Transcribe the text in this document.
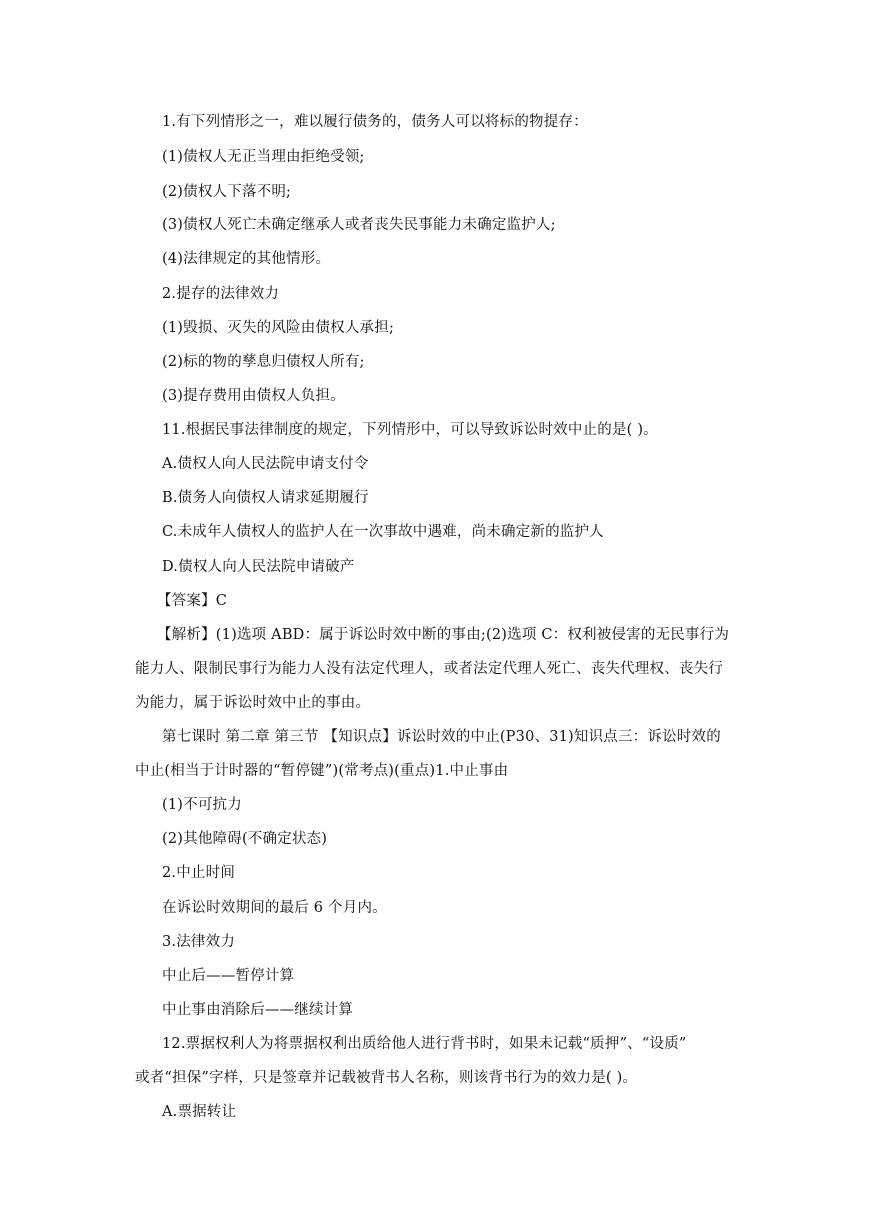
1.有下列情形之一，难以履行债务的，债务人可以将标的物提存：
(1)债权人无正当理由拒绝受领;
(2)债权人下落不明;
(3)债权人死亡未确定继承人或者丧失民事能力未确定监护人;
(4)法律规定的其他情形。
2.提存的法律效力
(1)毁损、灭失的风险由债权人承担;
(2)标的物的孳息归债权人所有;
(3)提存费用由债权人负担。
11.根据民事法律制度的规定，下列情形中，可以导致诉讼时效中止的是( )。
A.债权人向人民法院申请支付令
B.债务人向债权人请求延期履行
C.未成年人债权人的监护人在一次事故中遇难，尚未确定新的监护人
D.债权人向人民法院申请破产
【答案】C
【解析】(1)选项 ABD：属于诉讼时效中断的事由;(2)选项 C：权利被侵害的无民事行为
能力人、限制民事行为能力人没有法定代理人，或者法定代理人死亡、丧失代理权、丧失行
为能力，属于诉讼时效中止的事由。
第七课时 第二章 第三节 【知识点】诉讼时效的中止(P30、31)知识点三：诉讼时效的
中止(相当于计时器的“暂停键”)(常考点)(重点)1.中止事由
(1)不可抗力
(2)其他障碍(不确定状态)
2.中止时间
在诉讼时效期间的最后 6 个月内。
3.法律效力
中止后——暂停计算
中止事由消除后——继续计算
12.票据权利人为将票据权利出质给他人进行背书时，如果未记载“质押”、“设质”
或者“担保”字样，只是签章并记载被背书人名称，则该背书行为的效力是( )。
A.票据转让
